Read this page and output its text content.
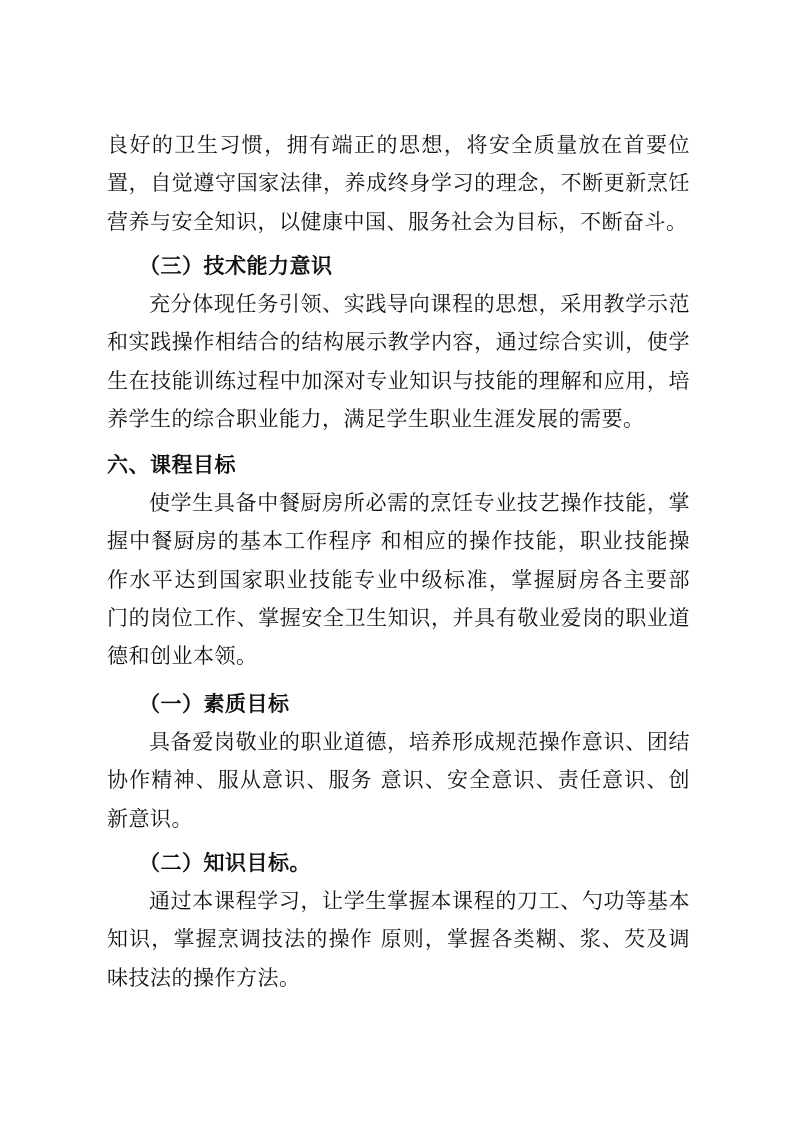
良好的卫生习惯，拥有端正的思想，将安全质量放在首要位置，自觉遵守国家法律，养成终身学习的理念，不断更新烹饪营养与安全知识，以健康中国、服务社会为目标，不断奋斗。

（三）技术能力意识

充分体现任务引领、实践导向课程的思想，采用教学示范和实践操作相结合的结构展示教学内容，通过综合实训，使学生在技能训练过程中加深对专业知识与技能的理解和应用，培养学生的综合职业能力，满足学生职业生涯发展的需要。

六、课程目标

使学生具备中餐厨房所必需的烹饪专业技艺操作技能，掌握中餐厨房的基本工作程序 和相应的操作技能，职业技能操作水平达到国家职业技能专业中级标准，掌握厨房各主要部 门的岗位工作、掌握安全卫生知识，并具有敬业爱岗的职业道德和创业本领。

（一）素质目标

具备爱岗敬业的职业道德，培养形成规范操作意识、团结协作精神、服从意识、服务 意识、安全意识、责任意识、创新意识。

（二）知识目标。

通过本课程学习，让学生掌握本课程的刀工、勺功等基本知识，掌握烹调技法的操作 原则，掌握各类糊、浆、芡及调味技法的操作方法。
